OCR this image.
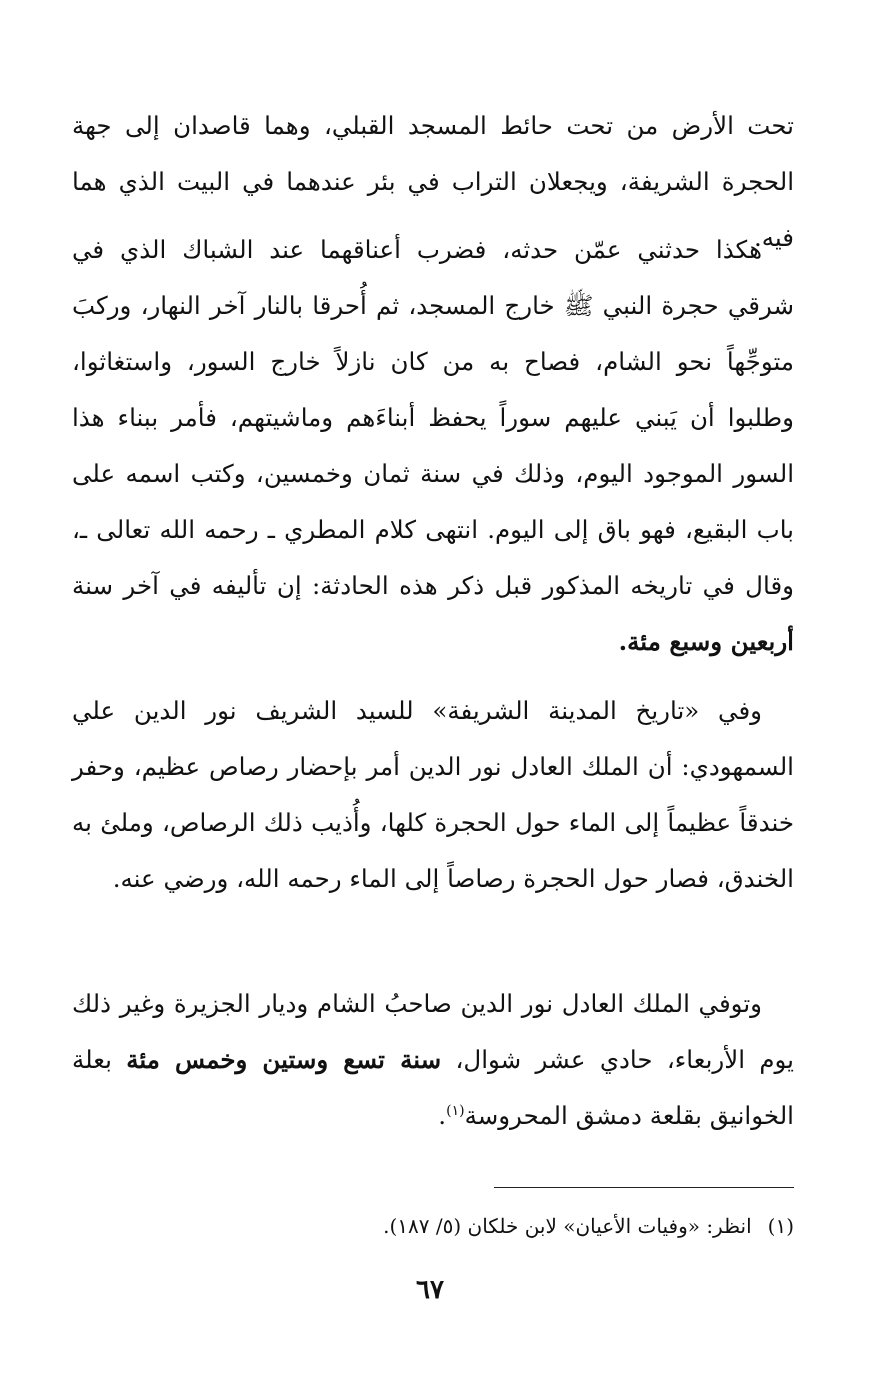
تحت الأرض من تحت حائط المسجد القبلي، وهما قاصدان إلى جهة الحجرة الشريفة، ويجعلان التراب في بئر عندهما في البيت الذي هما فيه.

هكذا حدثني عمّن حدثه، فضرب أعناقهما عند الشباك الذي في شرقي حجرة النبي ﷺ خارج المسجد، ثم أُحرقا بالنار آخر النهار، وركبَ متوجِّهاً نحو الشام، فصاح به من كان نازلاً خارج السور، واستغاثوا، وطلبوا أن يَبني عليهم سوراً يحفظ أبناءَهم وماشيتهم، فأمر ببناء هذا السور الموجود اليوم، وذلك في سنة ثمان وخمسين، وكتب اسمه على باب البقيع، فهو باق إلى اليوم. انتهى كلام المطري ـ رحمه الله تعالى ـ، وقال في تاريخه المذكور قبل ذكر هذه الحادثة: إن تأليفه في آخر سنة أربعين وسبع مئة.

وفي «تاريخ المدينة الشريفة» للسيد الشريف نور الدين علي السمهودي: أن الملك العادل نور الدين أمر بإحضار رصاص عظيم، وحفر خندقاً عظيماً إلى الماء حول الحجرة كلها، وأُذيب ذلك الرصاص، وملئ به الخندق، فصار حول الحجرة رصاصاً إلى الماء رحمه الله، ورضي عنه.

وتوفي الملك العادل نور الدين صاحبُ الشام وديار الجزيرة وغير ذلك يوم الأربعاء، حادي عشر شوال، سنة تسع وستين وخمس مئة بعلة الخوانيق بقلعة دمشق المحروسة$^{(١)}$.

(١)انظر: «وفيات الأعيان» لابن خلكان (٥/ ١٨٧).

٦٧
